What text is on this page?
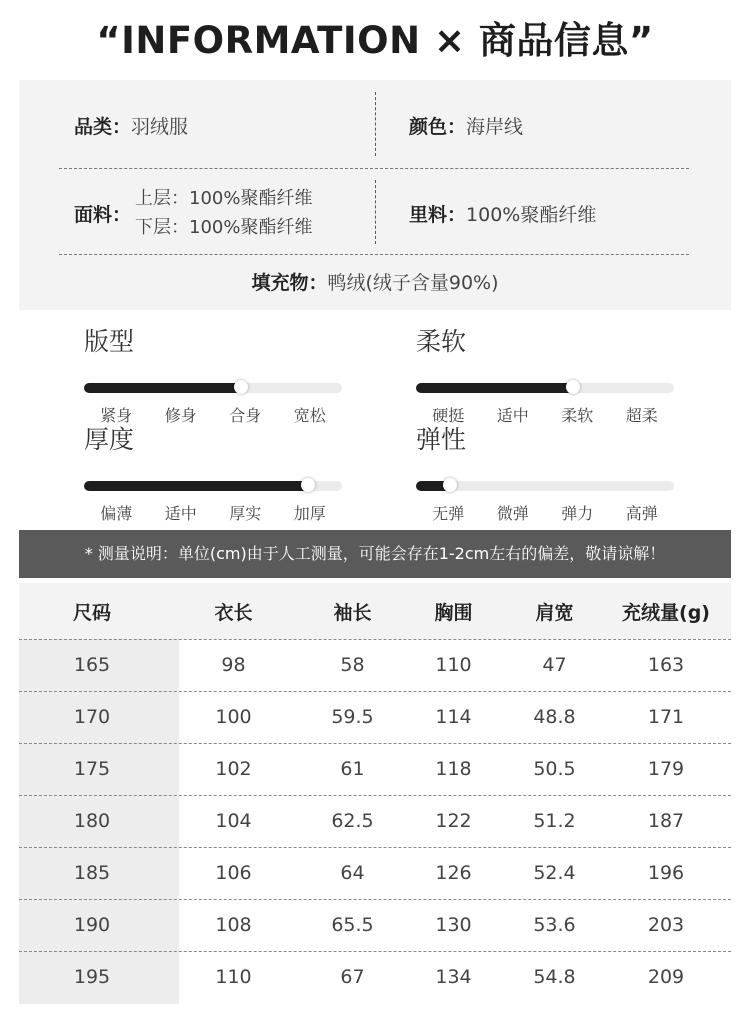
“INFORMATION × 商品信息”
品类：羽绒服	颜色：海岸线
面料：
上层：100%聚酯纤维
下层：100%聚酯纤维
里料：100%聚酯纤维
填充物：鸭绒(绒子含量90%)
版型
紧身 修身 合身 宽松
柔软
硬挺 适中 柔软 超柔
厚度
偏薄 适中 厚实 加厚
弹性
无弹 微弹 弹力 高弹
* 测量说明：单位(cm)由于人工测量，可能会存在1-2cm左右的偏差，敬请谅解！
尺码	衣长	袖长	胸围	肩宽	充绒量(g)
165	98	58	110	47	163
170	100	59.5	114	48.8	171
175	102	61	118	50.5	179
180	104	62.5	122	51.2	187
185	106	64	126	52.4	196
190	108	65.5	130	53.6	203
195	110	67	134	54.8	209
